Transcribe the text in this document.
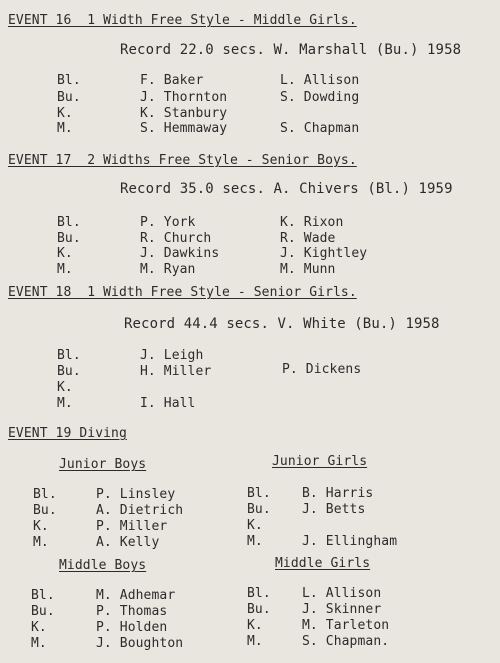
EVENT 16  1 Width Free Style - Middle Girls.
Record 22.0 secs. W. Marshall (Bu.) 1958
Bl.	F. Baker	L. Allison
Bu.	J. Thornton	S. Dowding
K.	K. Stanbury
M.	S. Hemmaway	S. Chapman
EVENT 17  2 Widths Free Style - Senior Boys.
Record 35.0 secs. A. Chivers (Bl.) 1959
Bl.	P. York	K. Rixon
Bu.	R. Church	R. Wade
K.	J. Dawkins	J. Kightley
M.	M. Ryan	M. Munn
EVENT 18  1 Width Free Style - Senior Girls.
Record 44.4 secs. V. White (Bu.) 1958
Bl.	J. Leigh
Bu.	H. Miller	P. Dickens
K.
M.	I. Hall
EVENT 19 Diving
Junior Boys
Bl.	P. Linsley
Bu.	A. Dietrich
K.	P. Miller
M.	A. Kelly
Junior Girls
Bl. B. Harris
Bu. J. Betts
K.
M.	J. Ellingham
Middle Boys
Bl.	M. Adhemar
Bu.	P. Thomas
K.	P. Holden
M.	J. Boughton
Middle Girls
Bl. L. Allison
Bu. J. Skinner
K.	M. Tarleton
M.	S. Chapman.
